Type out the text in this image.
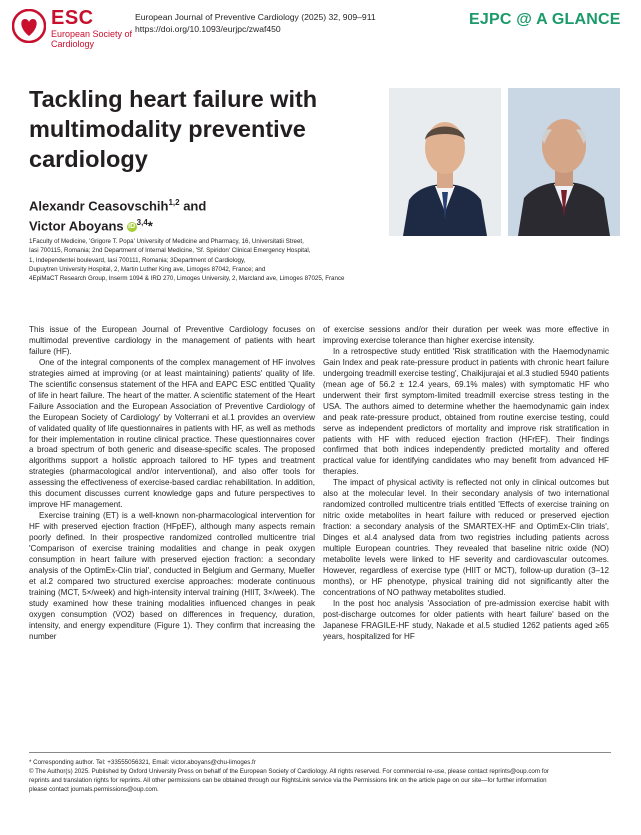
ESC
European Society of Cardiology
European Journal of Preventive Cardiology (2025) 32, 909–911
https://doi.org/10.1093/eurjpc/zwaf450
EJPC @ A GLANCE
Tackling heart failure with multimodality preventive cardiology
Alexandr Ceasovschih$^{1,2}$ and
Victor Aboyans iD $^{3,4}$*
1Faculty of Medicine, 'Grigore T. Popa' University of Medicine and Pharmacy, 16, Universitatii Street,
Iasi 700115, Romania; 2nd Department of Internal Medicine, 'Sf. Spiridon' Clinical Emergency Hospital,
1, Independentei boulevard, Iasi 700111, Romania; 3Department of Cardiology,
Dupuytren University Hospital, 2, Martin Luther King ave, Limoges 87042, France; and
4EpiMaCT Research Group, Inserm 1094 & IRD 270, Limoges University, 2, Marcland ave, Limoges 87025, France

This issue of the European Journal of Preventive Cardiology focuses on multimodal preventive cardiology in the management of patients with heart failure (HF).

One of the integral components of the complex management of HF involves strategies aimed at improving (or at least maintaining) patients' quality of life. The scientific consensus statement of the HFA and EAPC ESC entitled 'Quality of life in heart failure. The heart of the matter. A scientific statement of the Heart Failure Association and the European Association of Preventive Cardiology of the European Society of Cardiology' by Volterrani et al.1 provides an overview of validated quality of life questionnaires in patients with HF, as well as methods for their implementation in routine clinical practice. These questionnaires cover a broad spectrum of both generic and disease-specific scales. The proposed algorithms support a holistic approach tailored to HF types and treatment strategies (pharmacological and/or interventional), and also offer tools for assessing the effectiveness of exercise-based cardiac rehabilitation. In addition, this document discusses current knowledge gaps and future perspectives to improve HF management.

Exercise training (ET) is a well-known non-pharmacological intervention for HF with preserved ejection fraction (HFpEF), although many aspects remain poorly defined. In their prospective randomized controlled multicentre trial 'Comparison of exercise training modalities and change in peak oxygen consumption in heart failure with preserved ejection fraction: a secondary analysis of the OptimEx-Clin trial', conducted in Belgium and Germany, Mueller et al.2 compared two structured exercise approaches: moderate continuous training (MCT, 5×/week) and high-intensity interval training (HIIT, 3×/week). The study examined how these training modalities influenced changes in peak oxygen consumption (V̇O2) based on differences in frequency, duration, intensity, and energy expenditure (Figure 1). They confirm that increasing the number

of exercise sessions and/or their duration per week was more effective in improving exercise tolerance than higher exercise intensity.

In a retrospective study entitled 'Risk stratification with the Haemodynamic Gain Index and peak rate-pressure product in patients with chronic heart failure undergoing treadmill exercise testing', Chaikijurajai et al.3 studied 5940 patients (mean age of 56.2 ± 12.4 years, 69.1% males) with symptomatic HF who underwent their first symptom-limited treadmill exercise stress testing in the USA. The authors aimed to determine whether the haemodynamic gain index and peak rate-pressure product, obtained from routine exercise testing, could serve as independent predictors of mortality and improve risk stratification in patients with HF with reduced ejection fraction (HFrEF). Their findings confirmed that both indices independently predicted mortality and offered practical value for identifying candidates who may benefit from advanced HF therapies.

The impact of physical activity is reflected not only in clinical outcomes but also at the molecular level. In their secondary analysis of two international randomized controlled multicentre trials entitled 'Effects of exercise training on nitric oxide metabolites in heart failure with reduced or preserved ejection fraction: a secondary analysis of the SMARTEX-HF and OptimEx-Clin trials', Dinges et al.4 analysed data from two registries including patients across multiple European countries. They revealed that baseline nitric oxide (NO) metabolite levels were linked to HF severity and cardiovascular outcomes. However, regardless of exercise type (HIIT or MCT), follow-up duration (3–12 months), or HF phenotype, physical training did not significantly alter the concentrations of NO pathway metabolites studied.

In the post hoc analysis 'Association of pre-admission exercise habit with post-discharge outcomes for older patients with heart failure' based on the Japanese FRAGILE-HF study, Nakade et al.5 studied 1262 patients aged ≥65 years, hospitalized for HF

* Corresponding author. Tel: +33555056321, Email: victor.aboyans@chu-limoges.fr
© The Author(s) 2025. Published by Oxford University Press on behalf of the European Society of Cardiology. All rights reserved. For commercial re-use, please contact reprints@oup.com for
reprints and translation rights for reprints. All other permissions can be obtained through our RightsLink service via the Permissions link on the article page on our site—for further information
please contact journals.permissions@oup.com.
